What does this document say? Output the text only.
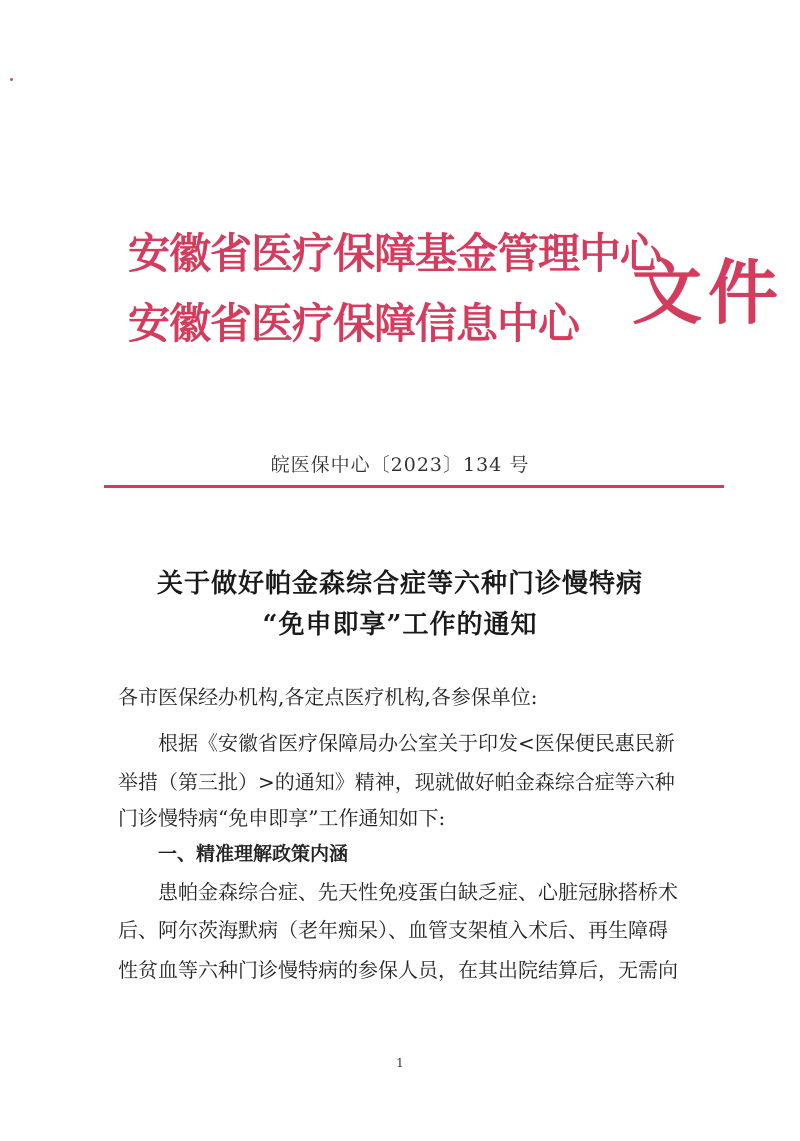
安徽省医疗保障基金管理中心
安徽省医疗保障信息中心 文件
皖医保中心〔2023〕134 号
关于做好帕金森综合症等六种门诊慢特病
“免申即享”工作的通知
各市医保经办机构,各定点医疗机构,各参保单位:
根据《安徽省医疗保障局办公室关于印发<医保便民惠民新
举措（第三批）>的通知》精神，现就做好帕金森综合症等六种
门诊慢特病“免申即享”工作通知如下:
一、精准理解政策内涵
患帕金森综合症、先天性免疫蛋白缺乏症、心脏冠脉搭桥术
后、阿尔茨海默病（老年痴呆）、血管支架植入术后、再生障碍
性贫血等六种门诊慢特病的参保人员，在其出院结算后，无需向
1
